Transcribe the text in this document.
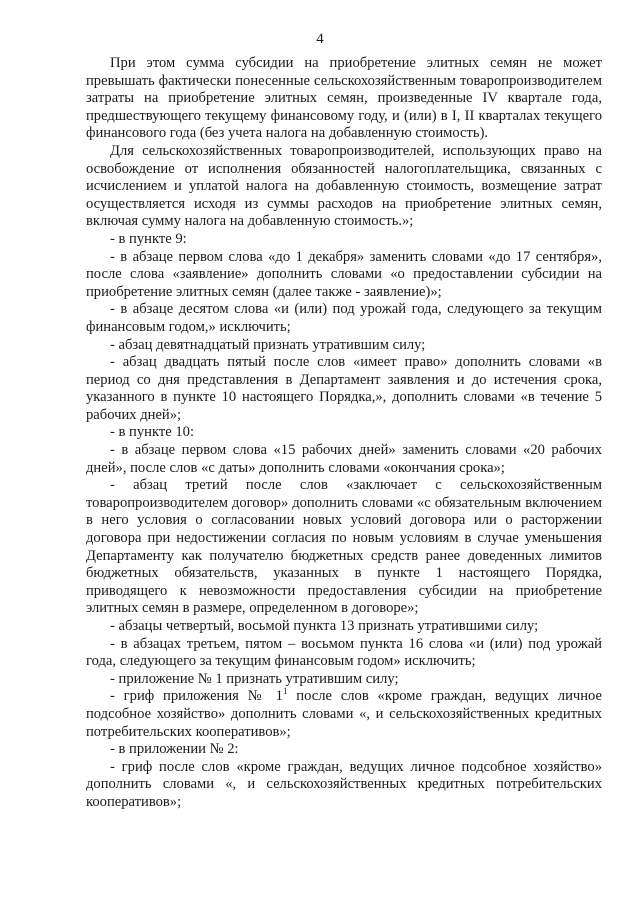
4

При этом сумма субсидии на приобретение элитных семян не может превышать фактически понесенные сельскохозяйственным товаропроизводителем затраты на приобретение элитных семян, произведенные IV квартале года, предшествующего текущему финансовому году, и (или) в I, II кварталах текущего финансового года (без учета налога на добавленную стоимость).

Для сельскохозяйственных товаропроизводителей, использующих право на освобождение от исполнения обязанностей налогоплательщика, связанных с исчислением и уплатой налога на добавленную стоимость, возмещение затрат осуществляется исходя из суммы расходов на приобретение элитных семян, включая сумму налога на добавленную стоимость.»;

- в пункте 9:

- в абзаце первом слова «до 1 декабря» заменить словами «до 17 сентября», после слова «заявление» дополнить словами «о предоставлении субсидии на приобретение элитных семян (далее также - заявление)»;

- в абзаце десятом слова «и (или) под урожай года, следующего за текущим финансовым годом,» исключить;

- абзац девятнадцатый признать утратившим силу;

- абзац двадцать пятый после слов «имеет право» дополнить словами «в период со дня представления в Департамент заявления и до истечения срока, указанного в пункте 10 настоящего Порядка,», дополнить словами «в течение 5 рабочих дней»;

- в пункте 10:

- в абзаце первом слова «15 рабочих дней» заменить словами «20 рабочих дней», после слов «с даты» дополнить словами «окончания срока»;

- абзац третий после слов «заключает с сельскохозяйственным товаропроизводителем договор» дополнить словами «с обязательным включением в него условия о согласовании новых условий договора или о расторжении договора при недостижении согласия по новым условиям в случае уменьшения Департаменту как получателю бюджетных средств ранее доведенных лимитов бюджетных обязательств, указанных в пункте 1 настоящего Порядка, приводящего к невозможности предоставления субсидии на приобретение элитных семян в размере, определенном в договоре»;

- абзацы четвертый, восьмой пункта 13 признать утратившими силу;

- в абзацах третьем, пятом – восьмом пункта 16 слова «и (или) под урожай года, следующего за текущим финансовым годом» исключить;

- приложение № 1 признать утратившим силу;

- гриф приложения № $1^1$ после слов «кроме граждан, ведущих личное подсобное хозяйство» дополнить словами «, и сельскохозяйственных кредитных потребительских кооперативов»;

- в приложении № 2:

- гриф после слов «кроме граждан, ведущих личное подсобное хозяйство» дополнить словами «, и сельскохозяйственных кредитных потребительских кооперативов»;
